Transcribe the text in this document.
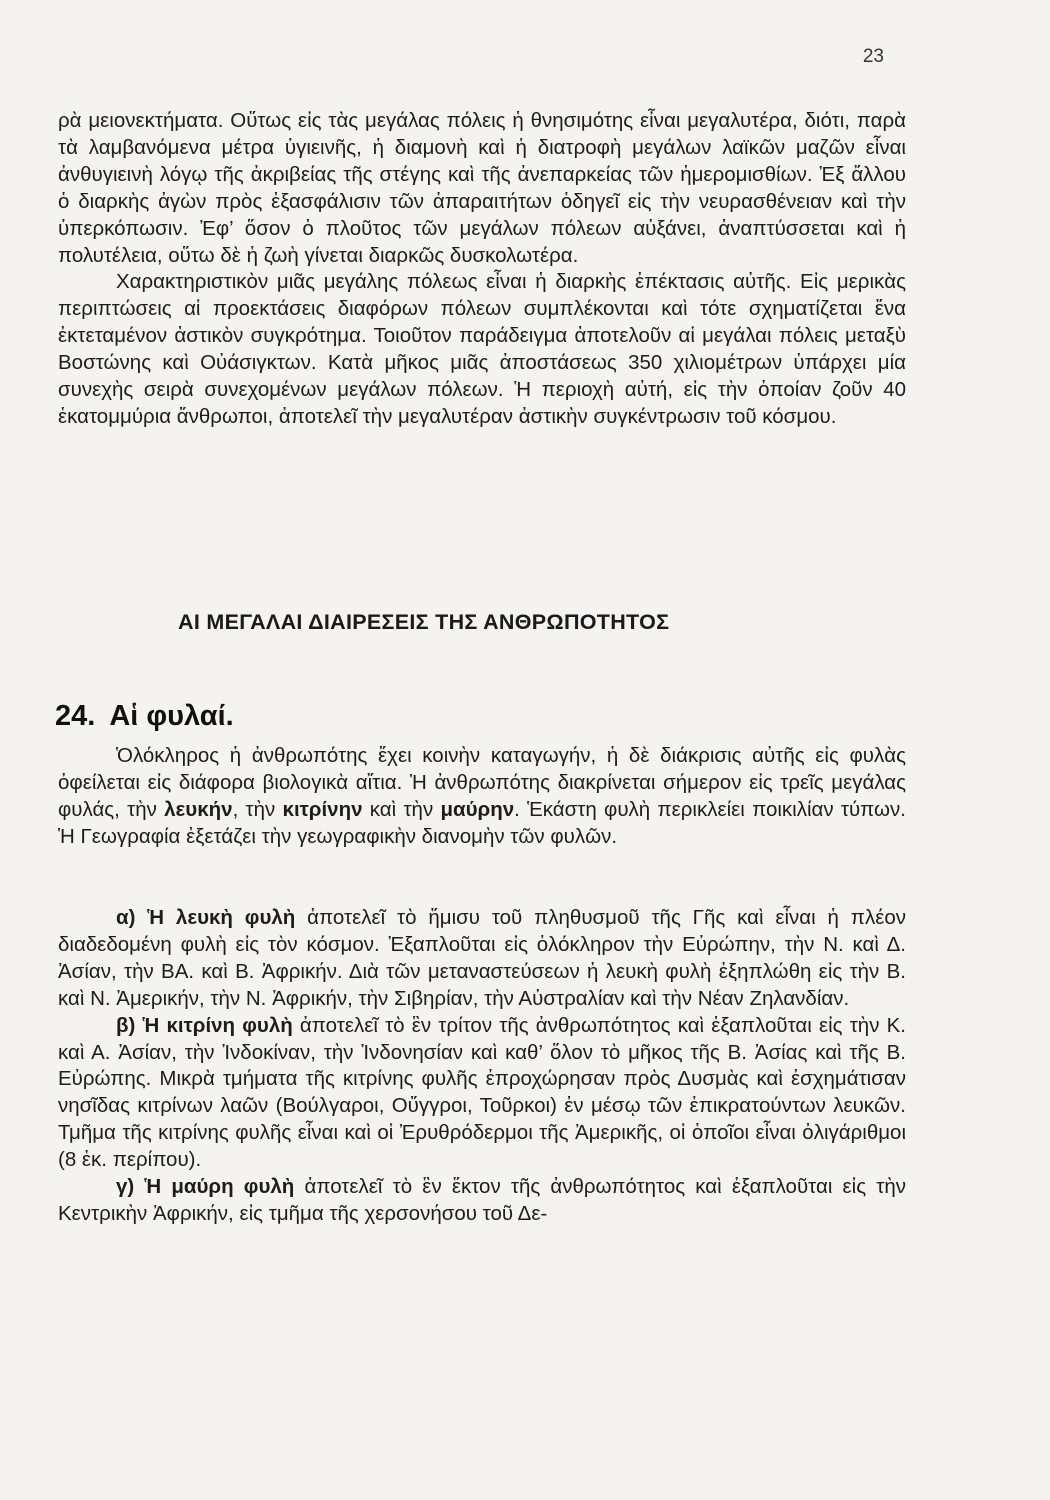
23

ρὰ μειονεκτήματα. Οὕτως εἰς τὰς μεγάλας πόλεις ἡ θνησιμότης εἶναι μεγαλυτέρα, διότι, παρὰ τὰ λαμβανόμενα μέτρα ὑγιεινῆς, ἡ διαμονὴ καὶ ἡ διατροφὴ μεγάλων λαϊκῶν μαζῶν εἶναι ἀνθυγιεινὴ λόγῳ τῆς ἀκριβείας τῆς στέγης καὶ τῆς ἀνεπαρκείας τῶν ἡμερομισθίων. Ἐξ ἄλλου ὁ διαρκὴς ἀγὼν πρὸς ἐξασφάλισιν τῶν ἀπαραιτήτων ὁδηγεῖ εἰς τὴν νευρασθένειαν καὶ τὴν ὑπερκόπωσιν. Ἐφ’ ὅσον ὁ πλοῦτος τῶν μεγάλων πόλεων αὐξάνει, ἀναπτύσσεται καὶ ἡ πολυτέλεια, οὕτω δὲ ἡ ζωὴ γίνεται διαρκῶς δυσκολωτέρα.

Χαρακτηριστικὸν μιᾶς μεγάλης πόλεως εἶναι ἡ διαρκὴς ἐπέκτασις αὐτῆς. Εἰς μερικὰς περιπτώσεις αἱ προεκτάσεις διαφόρων πόλεων συμπλέκονται καὶ τότε σχηματίζεται ἕνα ἐκτεταμένον ἀστικὸν συγκρότημα. Τοιοῦτον παράδειγμα ἀποτελοῦν αἱ μεγάλαι πόλεις μεταξὺ Βοστώνης καὶ Οὐάσιγκτων. Κατὰ μῆκος μιᾶς ἀποστάσεως 350 χιλιομέτρων ὑπάρχει μία συνεχὴς σειρὰ συνεχομένων μεγάλων πόλεων. Ἡ περιοχὴ αὐτή, εἰς τὴν ὁποίαν ζοῦν 40 ἑκατομμύρια ἄνθρωποι, ἀποτελεῖ τὴν μεγαλυτέραν ἀστικὴν συγκέντρωσιν τοῦ κόσμου.

ΑΙ ΜΕΓΑΛΑΙ ΔΙΑΙΡΕΣΕΙΣ ΤΗΣ ΑΝΘΡΩΠΟΤΗΤΟΣ
24. Αἱ φυλαί.

Ὁλόκληρος ἡ ἀνθρωπότης ἔχει κοινὴν καταγωγήν, ἡ δὲ διάκρισις αὐτῆς εἰς φυλὰς ὀφείλεται εἰς διάφορα βιολογικὰ αἴτια. Ἡ ἀνθρωπότης διακρίνεται σήμερον εἰς τρεῖς μεγάλας φυλάς, τὴν λευκήν, τὴν κιτρίνην καὶ τὴν μαύρην. Ἑκάστη φυλὴ περικλείει ποικιλίαν τύπων. Ἡ Γεωγραφία ἐξετάζει τὴν γεωγραφικὴν διανομὴν τῶν φυλῶν.

α) Ἡ λευκὴ φυλὴ ἀποτελεῖ τὸ ἥμισυ τοῦ πληθυσμοῦ τῆς Γῆς καὶ εἶναι ἡ πλέον διαδεδομένη φυλὴ εἰς τὸν κόσμον. Ἐξαπλοῦται εἰς ὁλόκληρον τὴν Εὐρώπην, τὴν Ν. καὶ Δ. Ἀσίαν, τὴν ΒΑ. καὶ Β. Ἀφρικήν. Διὰ τῶν μεταναστεύσεων ἡ λευκὴ φυλὴ ἐξηπλώθη εἰς τὴν Β. καὶ Ν. Ἀμερικήν, τὴν Ν. Ἀφρικήν, τὴν Σιβηρίαν, τὴν Αὐστραλίαν καὶ τὴν Νέαν Ζηλανδίαν.

β) Ἡ κιτρίνη φυλὴ ἀποτελεῖ τὸ ἓν τρίτον τῆς ἀνθρωπότητος καὶ ἐξαπλοῦται εἰς τὴν Κ. καὶ Α. Ἀσίαν, τὴν Ἰνδοκίναν, τὴν Ἰνδονησίαν καὶ καθ’ ὅλον τὸ μῆκος τῆς Β. Ἀσίας καὶ τῆς Β. Εὐρώπης. Μικρὰ τμήματα τῆς κιτρίνης φυλῆς ἐπροχώρησαν πρὸς Δυσμὰς καὶ ἐσχημάτισαν νησῖδας κιτρίνων λαῶν (Βούλγαροι, Οὔγγροι, Τοῦρκοι) ἐν μέσῳ τῶν ἐπικρατούντων λευκῶν. Τμῆμα τῆς κιτρίνης φυλῆς εἶναι καὶ οἱ Ἐρυθρόδερμοι τῆς Ἀμερικῆς, οἱ ὁποῖοι εἶναι ὀλιγάριθμοι (8 ἑκ. περίπου).

γ) Ἡ μαύρη φυλὴ ἀποτελεῖ τὸ ἓν ἕκτον τῆς ἀνθρωπότητος καὶ ἐξαπλοῦται εἰς τὴν Κεντρικὴν Ἀφρικήν, εἰς τμῆμα τῆς χερσονήσου τοῦ Δε-
